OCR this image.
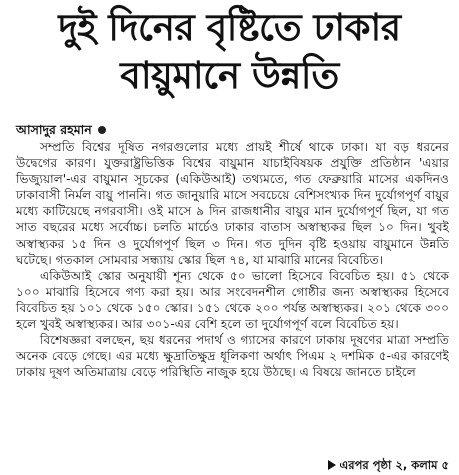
দুই দিনের বৃষ্টিতে ঢাকার
বায়ুমানে উন্নতি
আসাদুর রহমান

সম্প্রতি বিশ্বের দূষিত নগরগুলোর মধ্যে প্রায়ই শীর্ষে থাকে ঢাকা। যা বড় ধরনের উদ্বেগের কারণ। যুক্তরাষ্ট্রভিত্তিক বিশ্বের বায়ুমান যাচাইবিষয়ক প্রযুক্তি প্রতিষ্ঠান 'এয়ার ভিজ্যুয়াল'-এর বায়ুমান সূচকের (একিউআই) তথ্যমতে, গত ফেব্রুয়ারি মাসের একদিনও ঢাকাবাসী নির্মল বায়ু পাননি। গত জানুয়ারি মাসে সবচেয়ে বেশিসংখ্যক দিন দুর্যোগপূর্ণ বায়ুর মধ্যে কাটিয়েছে নগরবাসী। ওই মাসে ৯ দিন রাজধানীর বায়ুর মান দুর্যোগপূর্ণ ছিল, যা গত সাত বছরের মধ্যে সর্বোচ্চ। চলতি মার্চেও ঢাকার বাতাস অস্বাস্থ্যকর ছিল ১০ দিন। খুবই অস্বাস্থ্যকর ১৫ দিন ও দুর্যোগপূর্ণ ছিল ৩ দিন। গত দুদিন বৃষ্টি হওয়ায় বায়ুমানে উন্নতি ঘটেছে। গতকাল সোমবার সন্ধ্যায় স্কোর ছিল ৭৪, যা মাঝারি মানের বিবেচিত।

একিউআই স্কোর অনুযায়ী শূন্য থেকে ৫০ ভালো হিসেবে বিবেচিত হয়। ৫১ থেকে ১০০ মাঝারি হিসেবে গণ্য করা হয়। আর সংবেদনশীল গোষ্ঠীর জন্য অস্বাস্থ্যকর হিসেবে বিবেচিত হয় ১০১ থেকে ১৫০ স্কোর। ১৫১ থেকে ২০০ পর্যন্ত অস্বাস্থ্যকর। ২০১ থেকে ৩০০ হলে খুবই অস্বাস্থ্যকর। আর ৩০১-এর বেশি হলে তা দুর্যোগপূর্ণ বলে বিবেচিত হয়।

বিশেষজ্ঞরা বলছেন, ছয় ধরনের পদার্থ ও গ্যাসের কারণে ঢাকায় দূষণের মাত্রা সম্প্রতি অনেক বেড়ে গেছে। এর মধ্যে ক্ষুদ্রাতিক্ষুদ্র ধূলিকণা অর্থাৎ পিএম ২ দশমিক ৫-এর কারণেই ঢাকায় দূষণ অতিমাত্রায় বেড়ে পরিস্থিতি নাজুক হয়ে উঠছে। এ বিষয়ে জানতে চাইলে

এরপর পৃষ্ঠা ২, কলাম ৫
